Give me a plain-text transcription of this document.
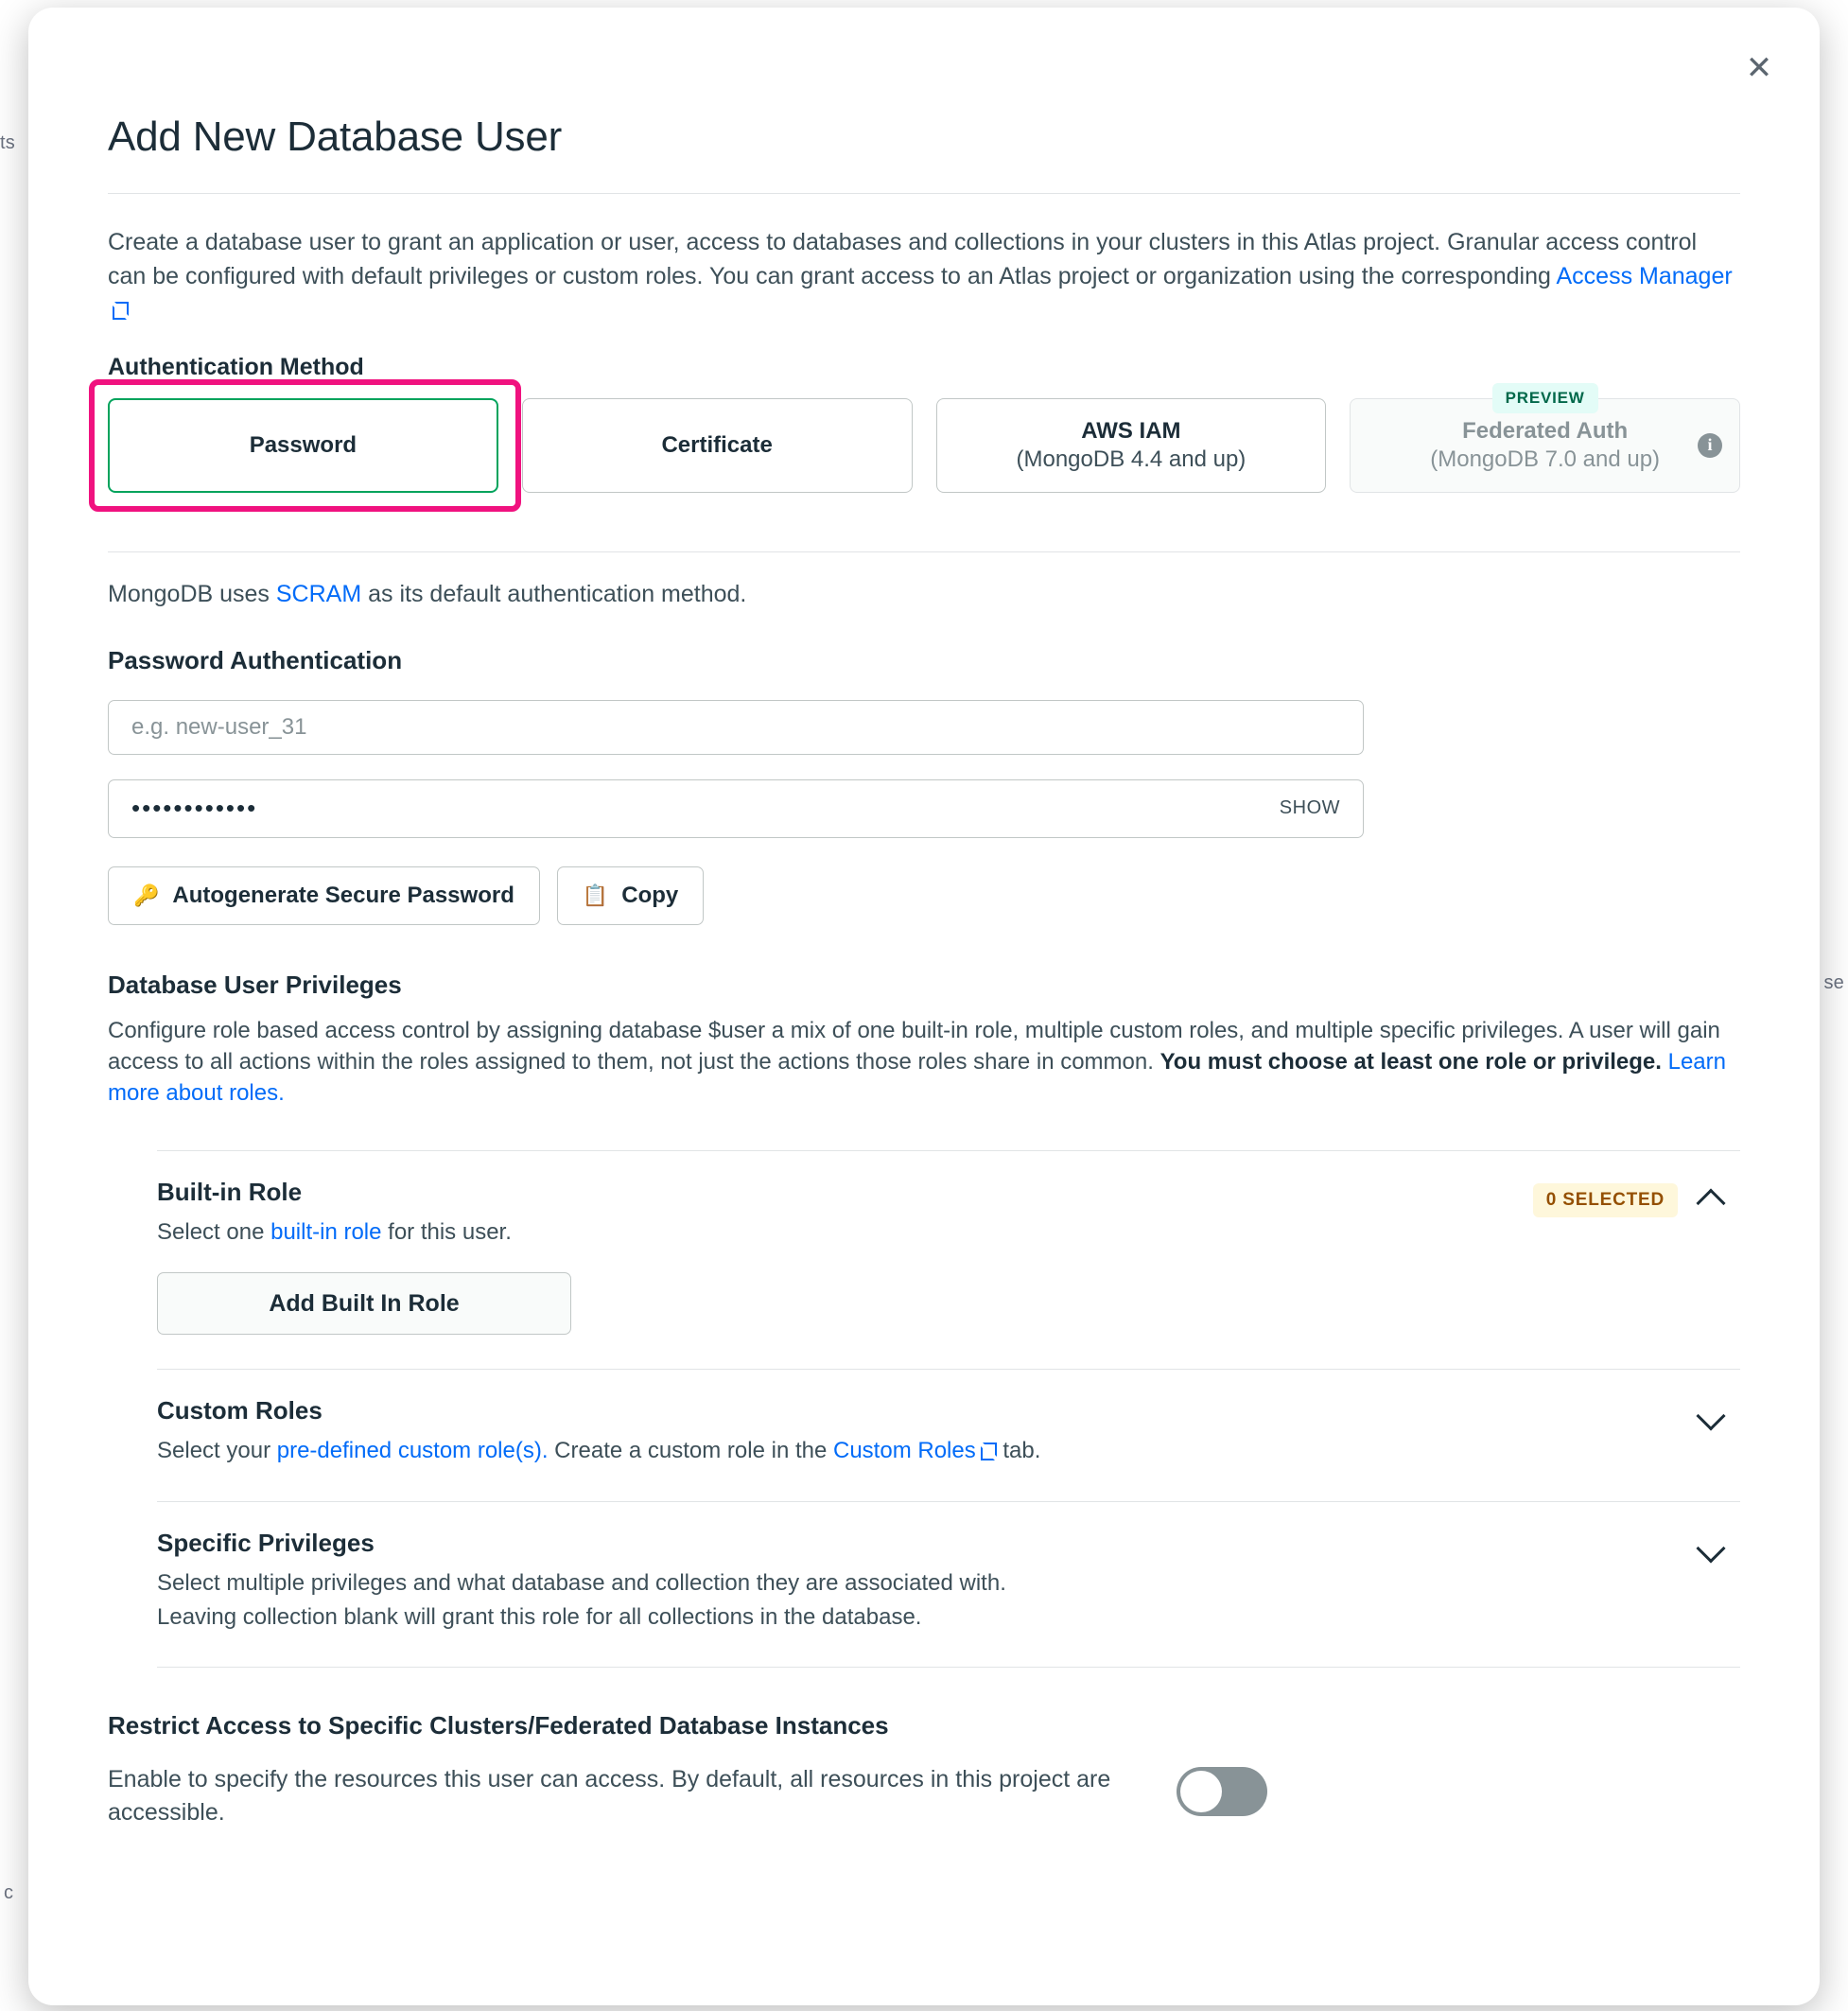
ts
c
se
✕
Add New Database User

Create a database user to grant an application or user, access to databases and collections in your clusters in this Atlas project. Granular access control can be configured with default privileges or custom roles. You can grant access to an Atlas project or organization using the corresponding Access Manager

Authentication Method
Password	Certificate
AWS IAM
(MongoDB 4.4 and up)
PREVIEW
Federated Auth
(MongoDB 7.0 and up)
i
MongoDB uses SCRAM as its default authentication method.
Password Authentication
e.g. new-user_31
••••••••••••	SHOW
🔑 Autogenerate Secure Password	📋 Copy
Database User Privileges

Configure role based access control by assigning database $user a mix of one built-in role, multiple custom roles, and multiple specific privileges. A user will gain access to all actions within the roles assigned to them, not just the actions those roles share in common. You must choose at least one role or privilege. Learn more about roles.

Built-in Role
Select one built-in role for this user.
Add Built In Role
0 SELECTED
Custom Roles
Select your pre-defined custom role(s). Create a custom role in the Custom Roles tab.
Specific Privileges
Select multiple privileges and what database and collection they are associated with.
Leaving collection blank will grant this role for all collections in the database.
Restrict Access to Specific Clusters/Federated Database Instances
Enable to specify the resources this user can access. By default, all resources in this project are accessible.
